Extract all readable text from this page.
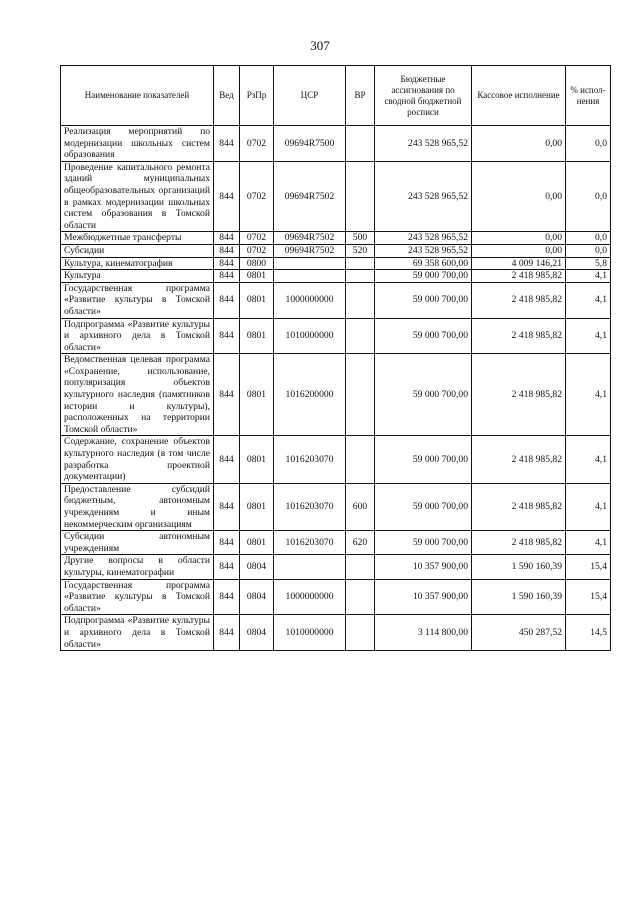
307
Наименование показателей	Вед	РзПр	ЦСР	ВР	Бюджетные ассигнования по сводной бюджетной росписи	Кассовое исполнение	% испол-нения
Реализация мероприятий по модернизации школьных систем образования	844	0702	09694R7500		243 528 965,52	0,00	0,0
Проведение капитального ремонта зданий муниципальных общеобразовательных организаций в рамках модернизации школьных систем образования в Томской области	844	0702	09694R7502		243 528 965,52	0,00	0,0
Межбюджетные трансферты	844	0702	09694R7502	500	243 528 965,52	0,00	0,0
Субсидии	844	0702	09694R7502	520	243 528 965,52	0,00	0,0
Культура, кинематография	844	0800			69 358 600,00	4 009 146,21	5,8
Культура	844	0801			59 000 700,00	2 418 985,82	4,1
Государственная программа «Развитие культуры в Томской области»	844	0801	1000000000		59 000 700,00	2 418 985,82	4,1
Подпрограмма «Развитие культуры и архивного дела в Томской области»	844	0801	1010000000		59 000 700,00	2 418 985,82	4,1
Ведомственная целевая программа «Сохранение, использование, популяризация объектов культурного наследия (памятников истории и культуры), расположенных на территории Томской области»	844	0801	1016200000		59 000 700,00	2 418 985,82	4,1
Содержание, сохранение объектов культурного наследия (в том числе разработка проектной документации)	844	0801	1016203070		59 000 700,00	2 418 985,82	4,1
Предоставление субсидий бюджетным, автономным учреждениям и иным некоммерческим организациям	844	0801	1016203070	600	59 000 700,00	2 418 985,82	4,1
Субсидии автономным учреждениям	844	0801	1016203070	620	59 000 700,00	2 418 985,82	4,1
Другие вопросы в области культуры, кинематографии	844	0804			10 357 900,00	1 590 160,39	15,4
Государственная программа «Развитие культуры в Томской области»	844	0804	1000000000		10 357 900,00	1 590 160,39	15,4
Подпрограмма «Развитие культуры и архивного дела в Томской области»	844	0804	1010000000		3 114 800,00	450 287,52	14,5
